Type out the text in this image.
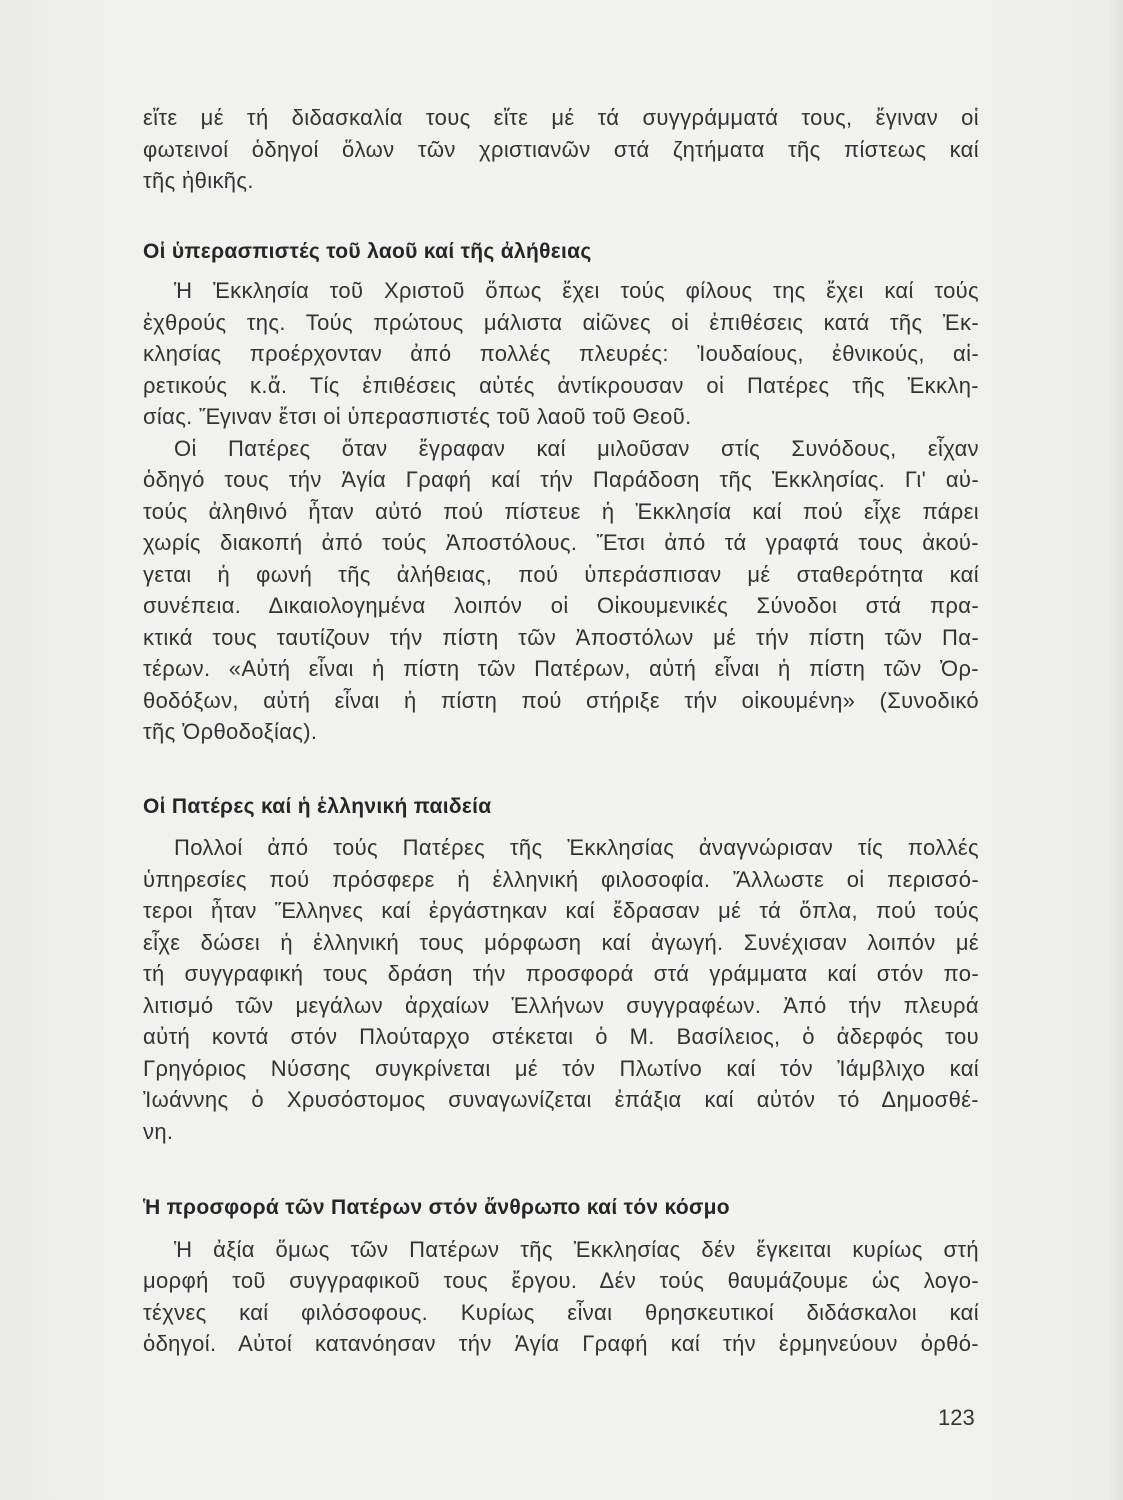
εἴτε μέ τή διδασκαλία τους εἴτε μέ τά συγγράμματά τους, ἔγιναν οἱ
φωτεινοί ὁδηγοί ὅλων τῶν χριστιανῶν στά ζητήματα τῆς πίστεως καί
τῆς ἠθικῆς.
Οἱ ὑπερασπιστές τοῦ λαοῦ καί τῆς ἀλήθειας
Ἡ Ἐκκλησία τοῦ Χριστοῦ ὅπως ἔχει τούς φίλους της ἔχει καί τούς
ἐχθρούς της. Τούς πρώτους μάλιστα αἰῶνες οἱ ἐπιθέσεις κατά τῆς Ἐκ-
κλησίας προέρχονταν ἀπό πολλές πλευρές: Ἰουδαίους, ἐθνικούς, αἱ-
ρετικούς κ.ἄ. Τίς ἐπιθέσεις αὐτές ἀντίκρουσαν οἱ Πατέρες τῆς Ἐκκλη-
σίας. Ἔγιναν ἔτσι οἱ ὑπερασπιστές τοῦ λαοῦ τοῦ Θεοῦ.
Οἱ Πατέρες ὅταν ἔγραφαν καί μιλοῦσαν στίς Συνόδους, εἶχαν
ὁδηγό τους τήν Ἁγία Γραφή καί τήν Παράδοση τῆς Ἐκκλησίας. Γι' αὐ-
τούς ἀληθινό ἦταν αὐτό πού πίστευε ἡ Ἐκκλησία καί πού εἶχε πάρει
χωρίς διακοπή ἀπό τούς Ἀποστόλους. Ἔτσι ἀπό τά γραφτά τους ἀκού-
γεται ἡ φωνή τῆς ἀλήθειας, πού ὑπεράσπισαν μέ σταθερότητα καί
συνέπεια. Δικαιολογημένα λοιπόν οἱ Οἰκουμενικές Σύνοδοι στά πρα-
κτικά τους ταυτίζουν τήν πίστη τῶν Ἀποστόλων μέ τήν πίστη τῶν Πα-
τέρων. «Αὐτή εἶναι ἡ πίστη τῶν Πατέρων, αὐτή εἶναι ἡ πίστη τῶν Ὀρ-
θοδόξων, αὐτή εἶναι ἡ πίστη πού στήριξε τήν οἰκουμένη» (Συνοδικό
τῆς Ὀρθοδοξίας).
Οἱ Πατέρες καί ἡ ἑλληνική παιδεία
Πολλοί ἀπό τούς Πατέρες τῆς Ἐκκλησίας ἀναγνώρισαν τίς πολλές
ὑπηρεσίες πού πρόσφερε ἡ ἑλληνική φιλοσοφία. Ἄλλωστε οἱ περισσό-
τεροι ἦταν Ἕλληνες καί ἐργάστηκαν καί ἔδρασαν μέ τά ὅπλα, πού τούς
εἶχε δώσει ἡ ἑλληνική τους μόρφωση καί ἀγωγή. Συνέχισαν λοιπόν μέ
τή συγγραφική τους δράση τήν προσφορά στά γράμματα καί στόν πο-
λιτισμό τῶν μεγάλων ἀρχαίων Ἑλλήνων συγγραφέων. Ἀπό τήν πλευρά
αὐτή κοντά στόν Πλούταρχο στέκεται ὁ Μ. Βασίλειος, ὁ ἀδερφός του
Γρηγόριος Νύσσης συγκρίνεται μέ τόν Πλωτίνο καί τόν Ἰάμβλιχο καί
Ἰωάννης ὁ Χρυσόστομος συναγωνίζεται ἐπάξια καί αὐτόν τό Δημοσθέ-
νη.
Ἡ προσφορά τῶν Πατέρων στόν ἄνθρωπο καί τόν κόσμο
Ἡ ἀξία ὅμως τῶν Πατέρων τῆς Ἐκκλησίας δέν ἔγκειται κυρίως στή
μορφή τοῦ συγγραφικοῦ τους ἔργου. Δέν τούς θαυμάζουμε ὡς λογο-
τέχνες καί φιλόσοφους. Κυρίως εἶναι θρησκευτικοί διδάσκαλοι καί
ὁδηγοί. Αὐτοί κατανόησαν τήν Ἁγία Γραφή καί τήν ἑρμηνεύουν ὀρθό-
123
